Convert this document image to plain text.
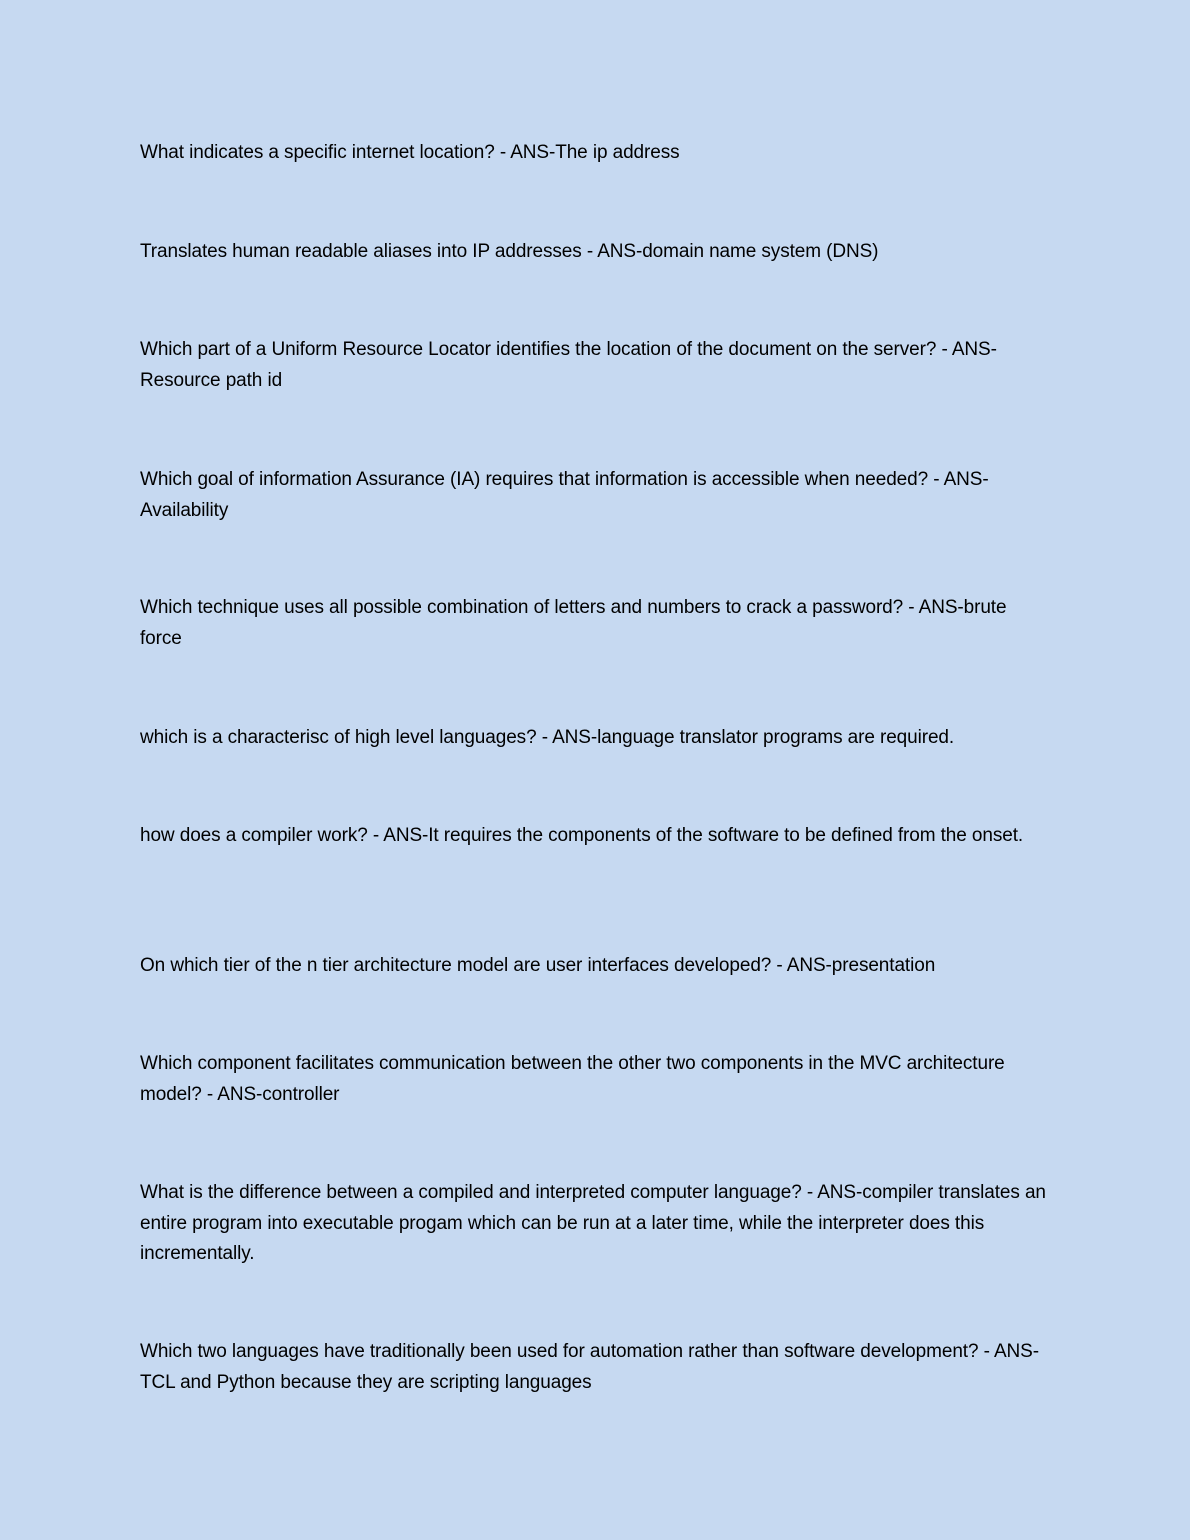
What indicates a specific internet location? - ANS-The ip address

Translates human readable aliases into IP addresses - ANS-domain name system (DNS)

Which part of a Uniform Resource Locator identifies the location of the document on the server? - ANS-Resource path id

Which goal of information Assurance (IA) requires that information is accessible when needed? - ANS-Availability

Which technique uses all possible combination of letters and numbers to crack a password? - ANS-brute force

which is a characterisc of high level languages? - ANS-language translator programs are required.

how does a compiler work? - ANS-It requires the components of the software to be defined from the onset.

On which tier of the n tier architecture model are user interfaces developed? - ANS-presentation

Which component facilitates communication between the other two components in the MVC architecture model? - ANS-controller

What is the difference between a compiled and interpreted computer language? - ANS-compiler translates an entire program into executable progam which can be run at a later time, while the interpreter does this incrementally.

Which two languages have traditionally been used for automation rather than software development? - ANS-TCL and Python because they are scripting languages
